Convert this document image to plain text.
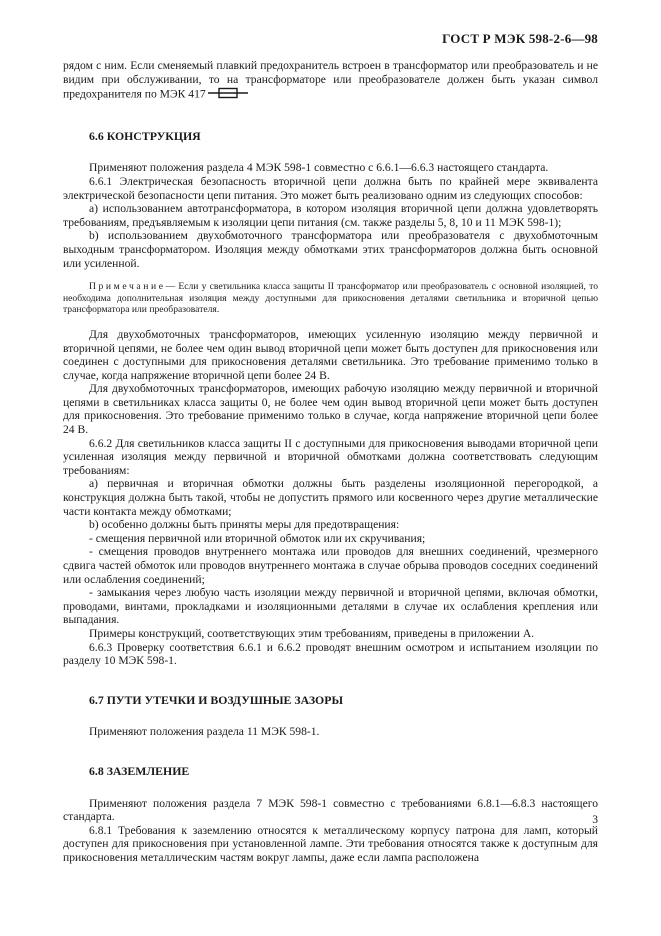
ГОСТ Р МЭК 598-2-6—98

рядом с ним. Если сменяемый плавкий предохранитель встроен в трансформатор или преобразователь и не видим при обслуживании, то на трансформаторе или преобразователе должен быть указан символ предохранителя по МЭК 417

6.6 КОНСТРУКЦИЯ

Применяют положения раздела 4 МЭК 598-1 совместно с 6.6.1—6.6.3 настоящего стандарта.

6.6.1 Электрическая безопасность вторичной цепи должна быть по крайней мере эквивалента электрической безопасности цепи питания. Это может быть реализовано одним из следующих способов:

а) использованием автотрансформатора, в котором изоляция вторичной цепи должна удовлетворять требованиям, предъявляемым к изоляции цепи питания (см. также разделы 5, 8, 10 и 11 МЭК 598-1);

b) использованием двухобмоточного трансформатора или преобразователя с двухобмоточным выходным трансформатором. Изоляция между обмотками этих трансформаторов должна быть основной или усиленной.

Примечание— Если у светильника класса защиты II трансформатор или преобразователь с основной изоляцией, то необходима дополнительная изоляция между доступными для прикосновения деталями светильника и вторичной цепью трансформатора или преобразователя.

Для двухобмоточных трансформаторов, имеющих усиленную изоляцию между первичной и вторичной цепями, не более чем один вывод вторичной цепи может быть доступен для прикосновения или соединен с доступными для прикосновения деталями светильника. Это требование применимо только в случае, когда напряжение вторичной цепи более 24 В.

Для двухобмоточных трансформаторов, имеющих рабочую изоляцию между первичной и вторичной цепями в светильниках класса защиты 0, не более чем один вывод вторичной цепи может быть доступен для прикосновения. Это требование применимо только в случае, когда напряжение вторичной цепи более 24 В.

6.6.2 Для светильников класса защиты II с доступными для прикосновения выводами вторичной цепи усиленная изоляция между первичной и вторичной обмотками должна соответствовать следующим требованиям:

а) первичная и вторичная обмотки должны быть разделены изоляционной перегородкой, а конструкция должна быть такой, чтобы не допустить прямого или косвенного через другие металлические части контакта между обмотками;

b) особенно должны быть приняты меры для предотвращения:

- смещения первичной или вторичной обмоток или их скручивания;

- смещения проводов внутреннего монтажа или проводов для внешних соединений, чрезмерного сдвига частей обмоток или проводов внутреннего монтажа в случае обрыва проводов соседних соединений или ослабления соединений;

- замыкания через любую часть изоляции между первичной и вторичной цепями, включая обмотки, проводами, винтами, прокладками и изоляционными деталями в случае их ослабления крепления или выпадания.

Примеры конструкций, соответствующих этим требованиям, приведены в приложении А.

6.6.3 Проверку соответствия 6.6.1 и 6.6.2 проводят внешним осмотром и испытанием изоляции по разделу 10 МЭК 598-1.

6.7 ПУТИ УТЕЧКИ И ВОЗДУШНЫЕ ЗАЗОРЫ

Применяют положения раздела 11 МЭК 598-1.

6.8 ЗАЗЕМЛЕНИЕ

Применяют положения раздела 7 МЭК 598-1 совместно с требованиями 6.8.1—6.8.3 настоящего стандарта.

6.8.1 Требования к заземлению относятся к металлическому корпусу патрона для ламп, который доступен для прикосновения при установленной лампе. Эти требования относятся также к доступным для прикосновения металлическим частям вокруг лампы, даже если лампа расположена

3
